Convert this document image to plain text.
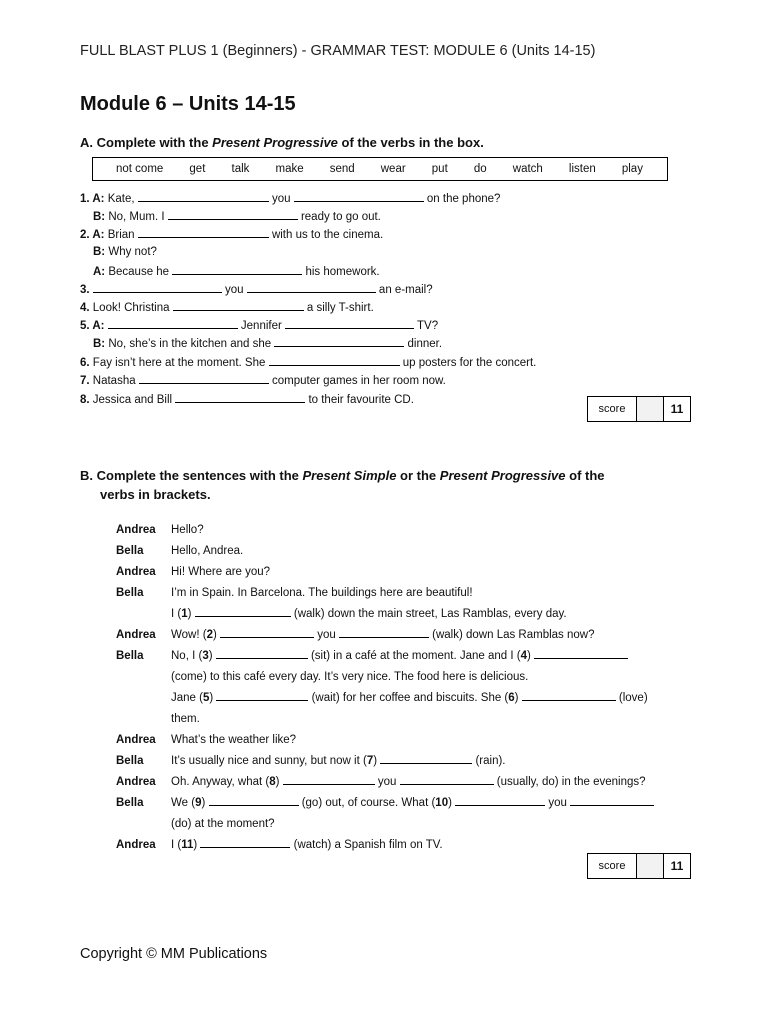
FULL BLAST PLUS 1 (Beginners) - GRAMMAR TEST: MODULE 6 (Units 14-15)
Module 6 – Units 14-15
A. Complete with the Present Progressive of the verbs in the box.
not come get talk make send wear put do watch listen play
1. A: Kate,	you	on the phone?
B: No, Mum. I	ready to go out.
2. A: Brian	with us to the cinema.
B: Why not?
A: Because he	his homework.
3.	you	an e-mail?
4. Look! Christina	a silly T-shirt.
5. A:	Jennifer	TV?
B: No, she’s in the kitchen and she	dinner.
6. Fay isn’t here at the moment. She	up posters for the concert.
7. Natasha	computer games in her room now.
8. Jessica and Bill	to their favourite CD.
score	11
B. Complete the sentences with the Present Simple or the Present Progressive of the
verbs in brackets.
Andrea Hello?
Bella Hello, Andrea.
Andrea Hi! Where are you?
Bella I’m in Spain. In Barcelona. The buildings here are beautiful!
I (1)	(walk) down the main street, Las Ramblas, every day.
Andrea Wow! (2)	you	(walk) down Las Ramblas now?
Bella No, I (3)	(sit) in a café at the moment. Jane and I (4)
(come) to this café every day. It’s very nice. The food here is delicious.
Jane (5)	(wait) for her coffee and biscuits. She (6)	(love)
them.
Andrea What’s the weather like?
Bella It’s usually nice and sunny, but now it (7)	(rain).
Andrea Oh. Anyway, what (8)	you	(usually, do) in the evenings?
Bella We (9)	(go) out, of course. What (10)	you
(do) at the moment?
Andrea I (11)	(watch) a Spanish film on TV.
score	11
Copyright © MM Publications
